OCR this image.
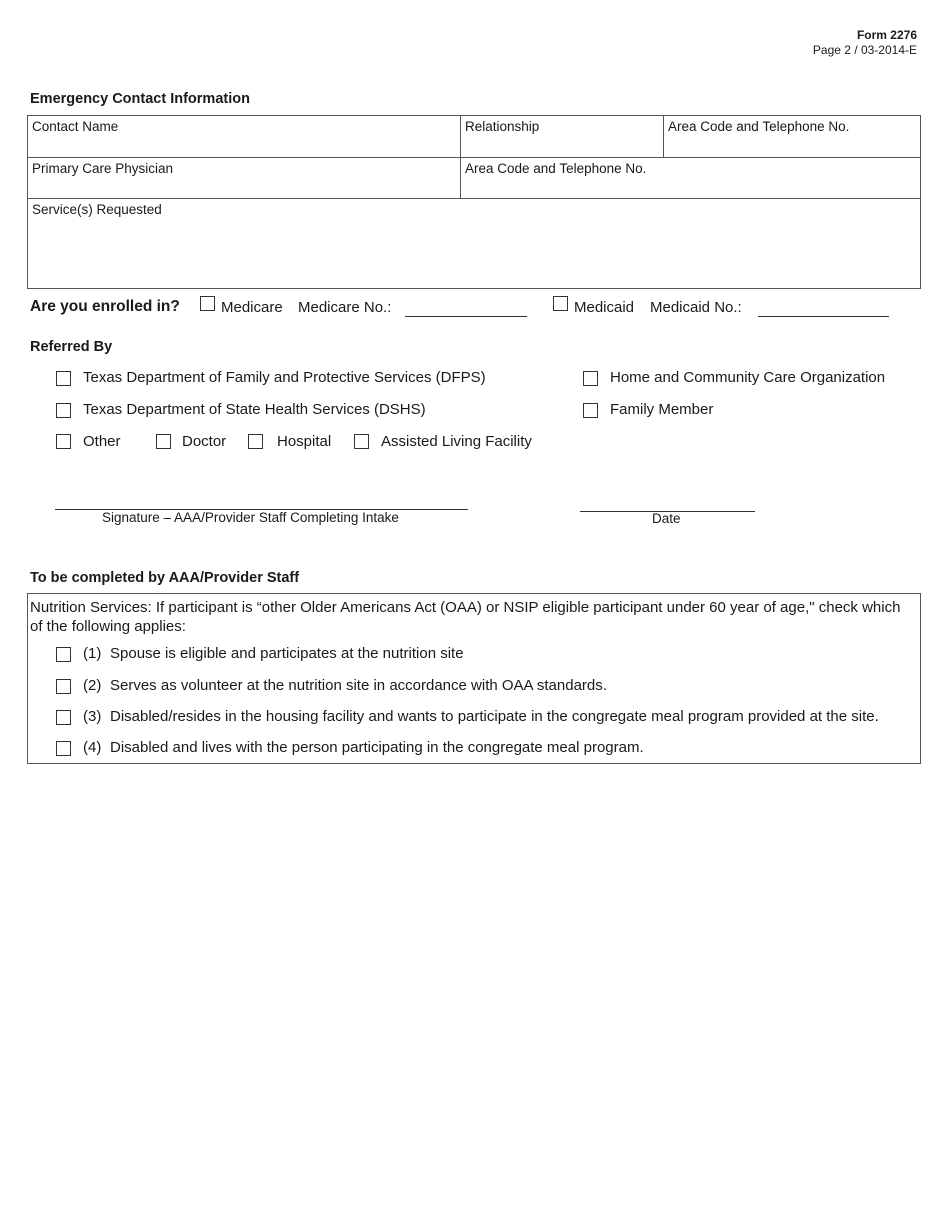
Form 2276
Page 2 / 03-2014-E
Emergency Contact Information
Contact Name	Relationship	Area Code and Telephone No.
Primary Care Physician	Area Code and Telephone No.
Service(s) Requested
Are you enrolled in?	Medicare Medicare No.:	Medicaid Medicaid No.:
Referred By
Texas Department of Family and Protective Services (DFPS)	Home and Community Care Organization
Texas Department of State Health Services (DSHS)	Family Member
Other	Doctor	Hospital	Assisted Living Facility
Signature – AAA/Provider Staff Completing Intake	Date
To be completed by AAA/Provider Staff
Nutrition Services: If participant is “other Older Americans Act (OAA) or NSIP eligible participant under 60 year of age," check which of the following applies:
(1) Spouse is eligible and participates at the nutrition site
(2) Serves as volunteer at the nutrition site in accordance with OAA standards.
(3) Disabled/resides in the housing facility and wants to participate in the congregate meal program provided at the site.
(4) Disabled and lives with the person participating in the congregate meal program.
